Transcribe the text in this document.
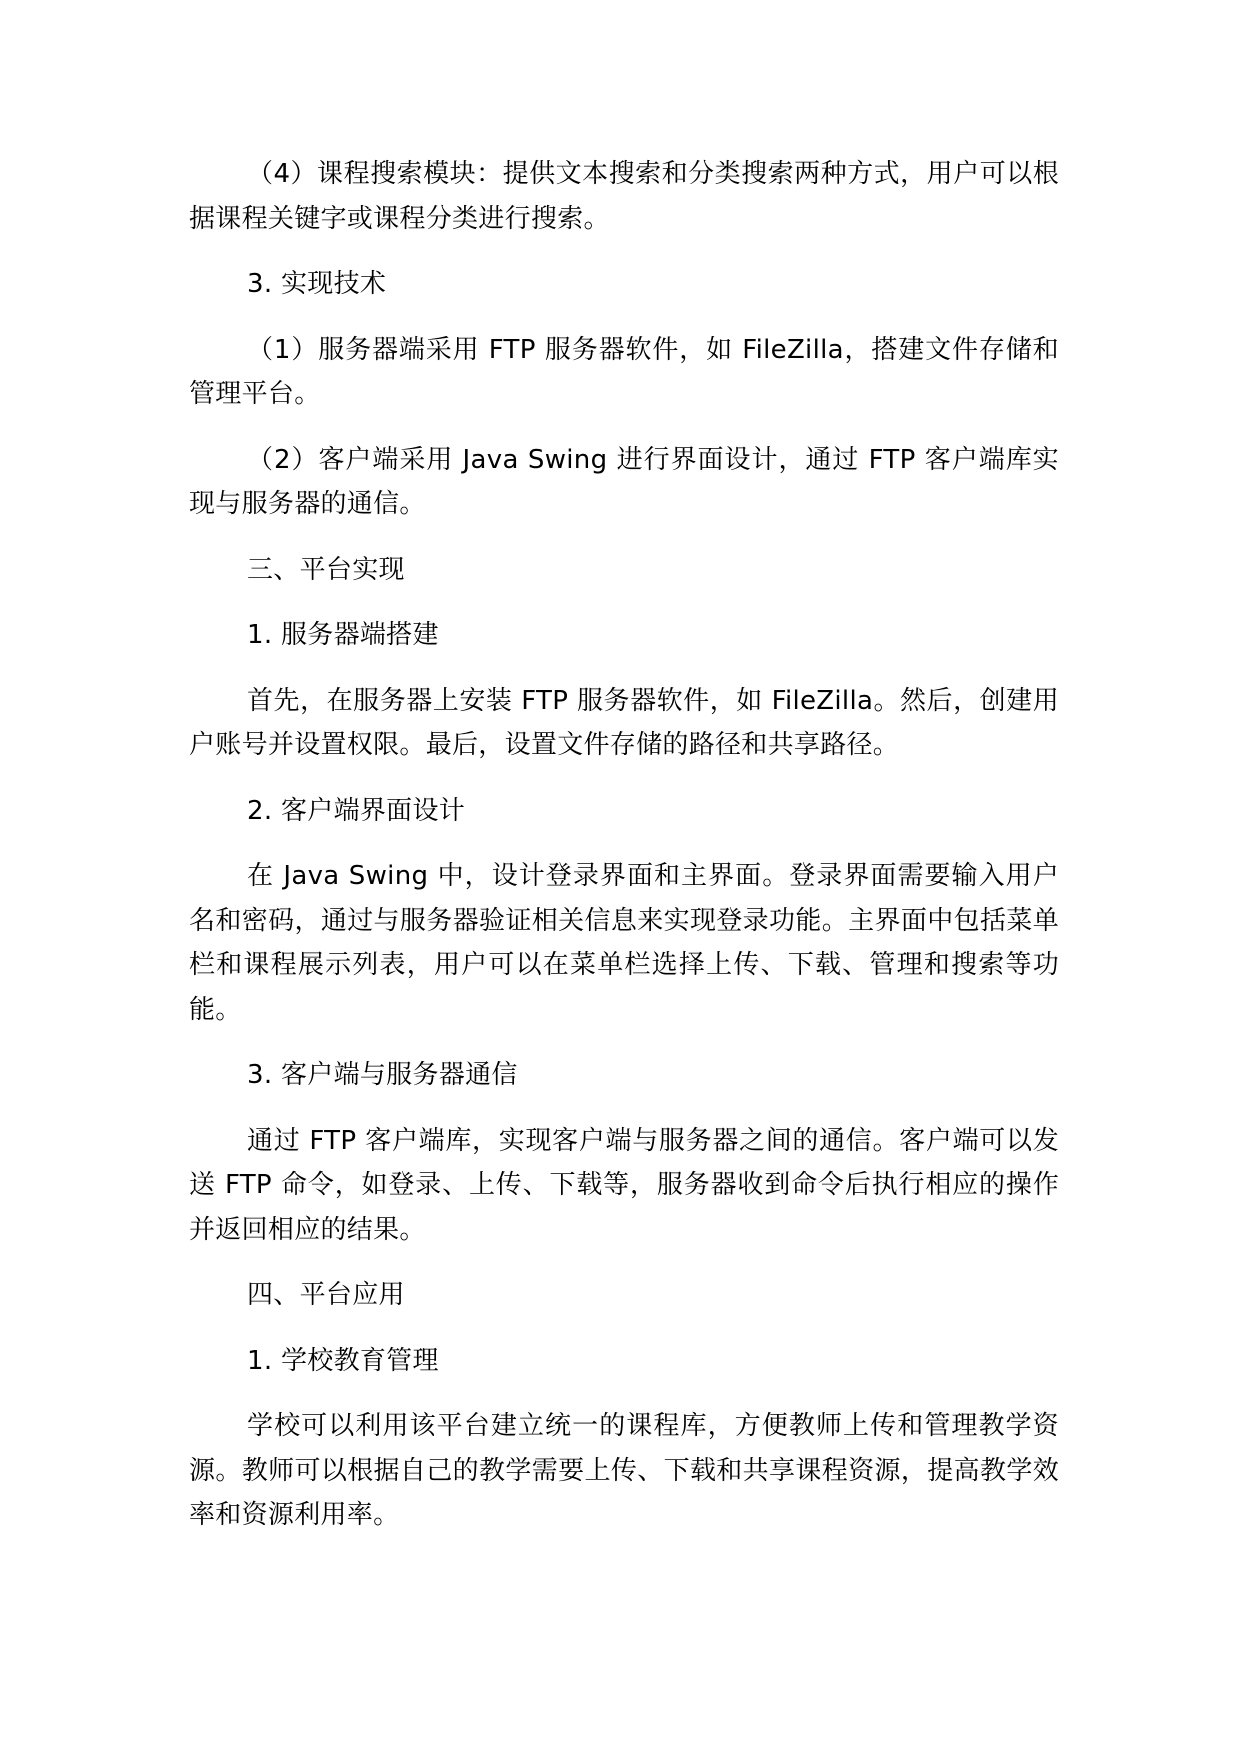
（4）课程搜索模块：提供文本搜索和分类搜索两种方式，用户可以根据课程关键字或课程分类进行搜索。

3. 实现技术

（1）服务器端采用 FTP 服务器软件，如 FileZilla，搭建文件存储和管理平台。

（2）客户端采用 Java Swing 进行界面设计，通过 FTP 客户端库实现与服务器的通信。

三、平台实现

1. 服务器端搭建

首先，在服务器上安装 FTP 服务器软件，如 FileZilla。然后，创建用户账号并设置权限。最后，设置文件存储的路径和共享路径。

2. 客户端界面设计

在 Java Swing 中，设计登录界面和主界面。登录界面需要输入用户名和密码，通过与服务器验证相关信息来实现登录功能。主界面中包括菜单栏和课程展示列表，用户可以在菜单栏选择上传、下载、管理和搜索等功能。

3. 客户端与服务器通信

通过 FTP 客户端库，实现客户端与服务器之间的通信。客户端可以发送 FTP 命令，如登录、上传、下载等，服务器收到命令后执行相应的操作并返回相应的结果。

四、平台应用

1. 学校教育管理

学校可以利用该平台建立统一的课程库，方便教师上传和管理教学资源。教师可以根据自己的教学需要上传、下载和共享课程资源，提高教学效率和资源利用率。
